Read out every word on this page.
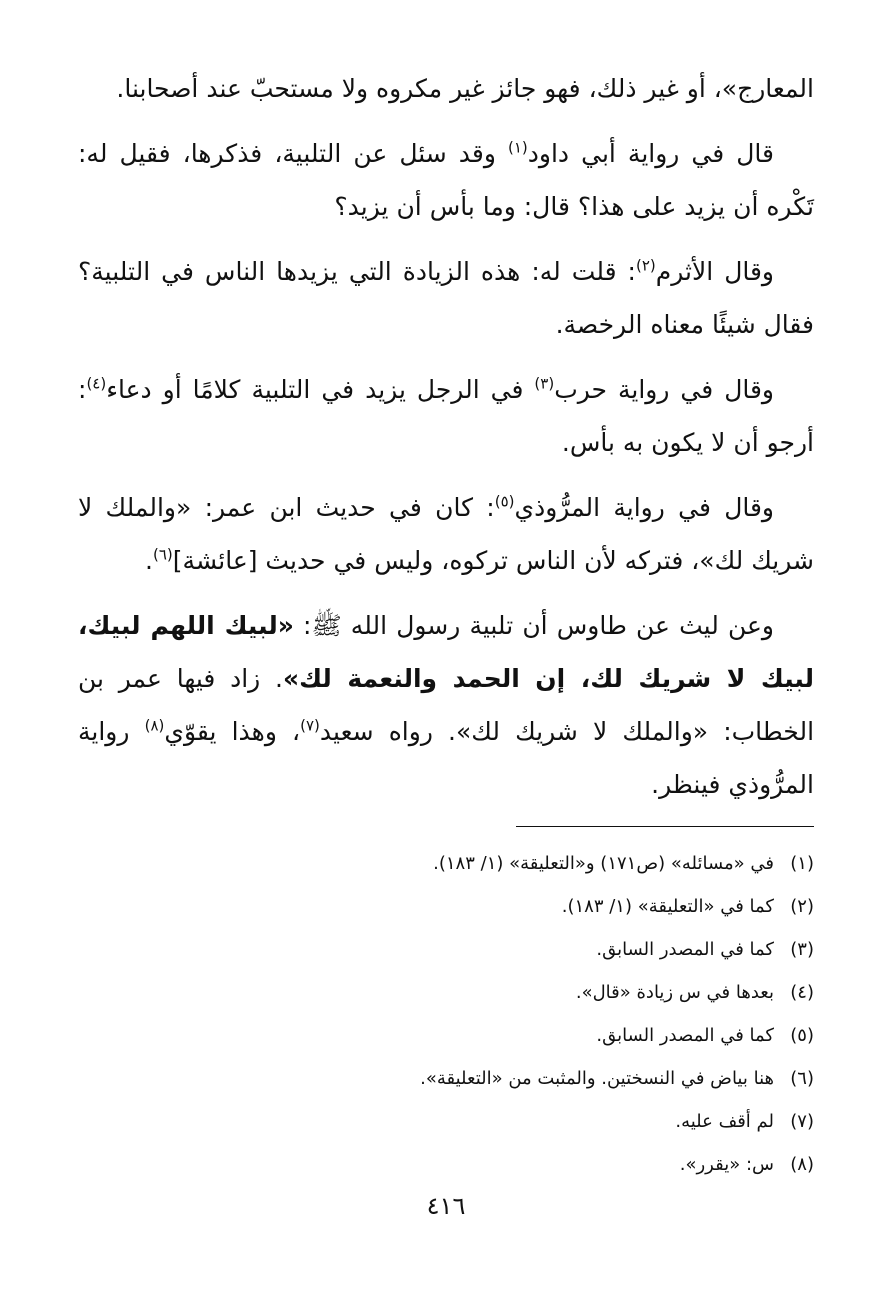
المعارج»، أو غير ذلك، فهو جائز غير مكروه ولا مستحبّ عند أصحابنا.

قال في رواية أبي داود$^{(١)}$ وقد سئل عن التلبية، فذكرها، فقيل له: تَكْره أن يزيد على هذا؟ قال: وما بأس أن يزيد؟

وقال الأثرم$^{(٢)}$: قلت له: هذه الزيادة التي يزيدها الناس في التلبية؟ فقال شيئًا معناه الرخصة.

وقال في رواية حرب$^{(٣)}$ في الرجل يزيد في التلبية كلامًا أو دعاء$^{(٤)}$: أرجو أن لا يكون به بأس.

وقال في رواية المرُّوذي$^{(٥)}$: كان في حديث ابن عمر: «والملك لا شريك لك»، فتركه لأن الناس تركوه، وليس في حديث [عائشة]$^{(٦)}$.

وعن ليث عن طاوس أن تلبية رسول الله ﷺ: «لبيك اللهم لبيك، لبيك لا شريك لك، إن الحمد والنعمة لك». زاد فيها عمر بن الخطاب: «والملك لا شريك لك». رواه سعيد$^{(٧)}$، وهذا يقوّي$^{(٨)}$ رواية المرُّوذي فينظر.

(١)
في «مسائله» (ص١٧١) و«التعليقة» (١/ ١٨٣).
(٢)
كما في «التعليقة» (١/ ١٨٣).
(٣)
كما في المصدر السابق.
(٤)
بعدها في س زيادة «قال».
(٥)
كما في المصدر السابق.
(٦)
هنا بياض في النسختين. والمثبت من «التعليقة».
(٧)
لم أقف عليه.
(٨)
س: «يقرر».
٤١٦
